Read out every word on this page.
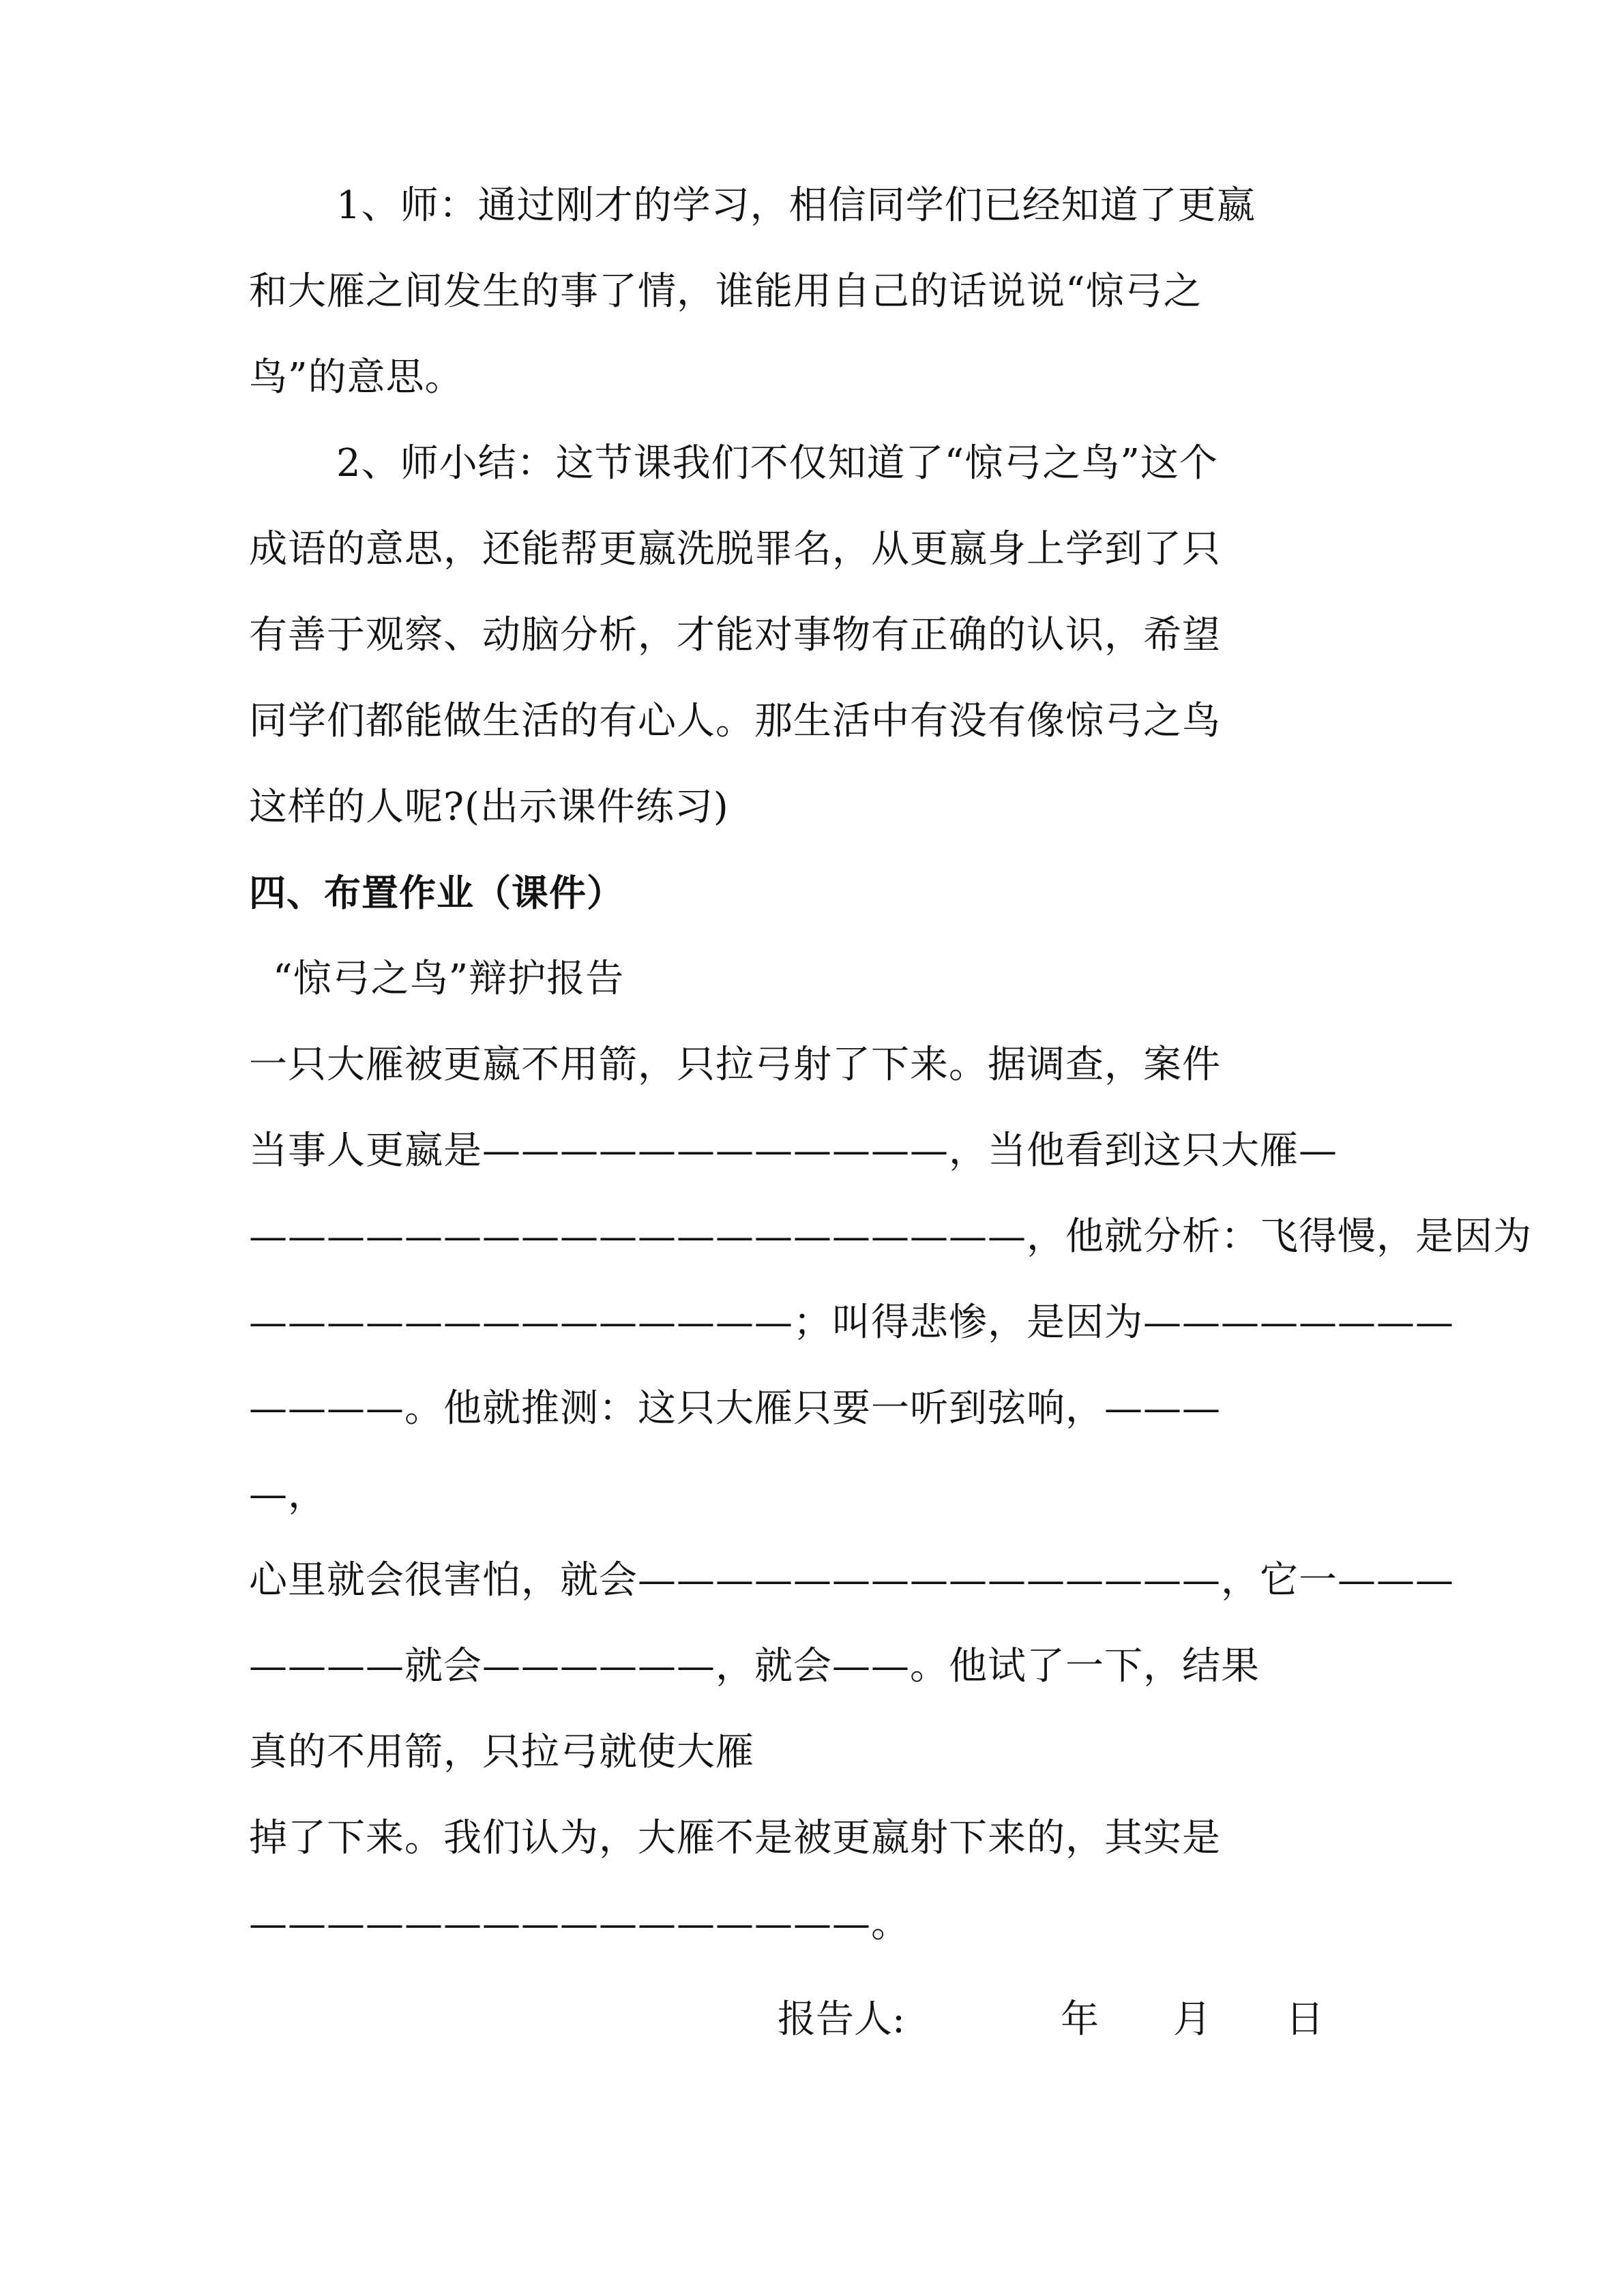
1、师：通过刚才的学习，相信同学们已经知道了更嬴
和大雁之间发生的事了情，谁能用自己的话说说“惊弓之
鸟”的意思。
2、师小结：这节课我们不仅知道了“惊弓之鸟”这个
成语的意思，还能帮更嬴洗脱罪名，从更嬴身上学到了只
有善于观察、动脑分析，才能对事物有正确的认识，希望
同学们都能做生活的有心人。那生活中有没有像惊弓之鸟
这样的人呢?(出示课件练习)
四、布置作业（课件）
“惊弓之鸟”辩护报告
一只大雁被更嬴不用箭，只拉弓射了下来。据调查，案件
当事人更嬴是————————————，当他看到这只大雁—
————————————————————，他就分析：飞得慢，是因为
——————————————；叫得悲惨，是因为————————
————。他就推测：这只大雁只要一听到弦响，———
—，
心里就会很害怕，就会———————————————，它一———
————就会——————，就会——。他试了一下，结果
真的不用箭，只拉弓就使大雁
掉了下来。我们认为，大雁不是被更嬴射下来的，其实是
————————————————。
报告人:	年 月 日
